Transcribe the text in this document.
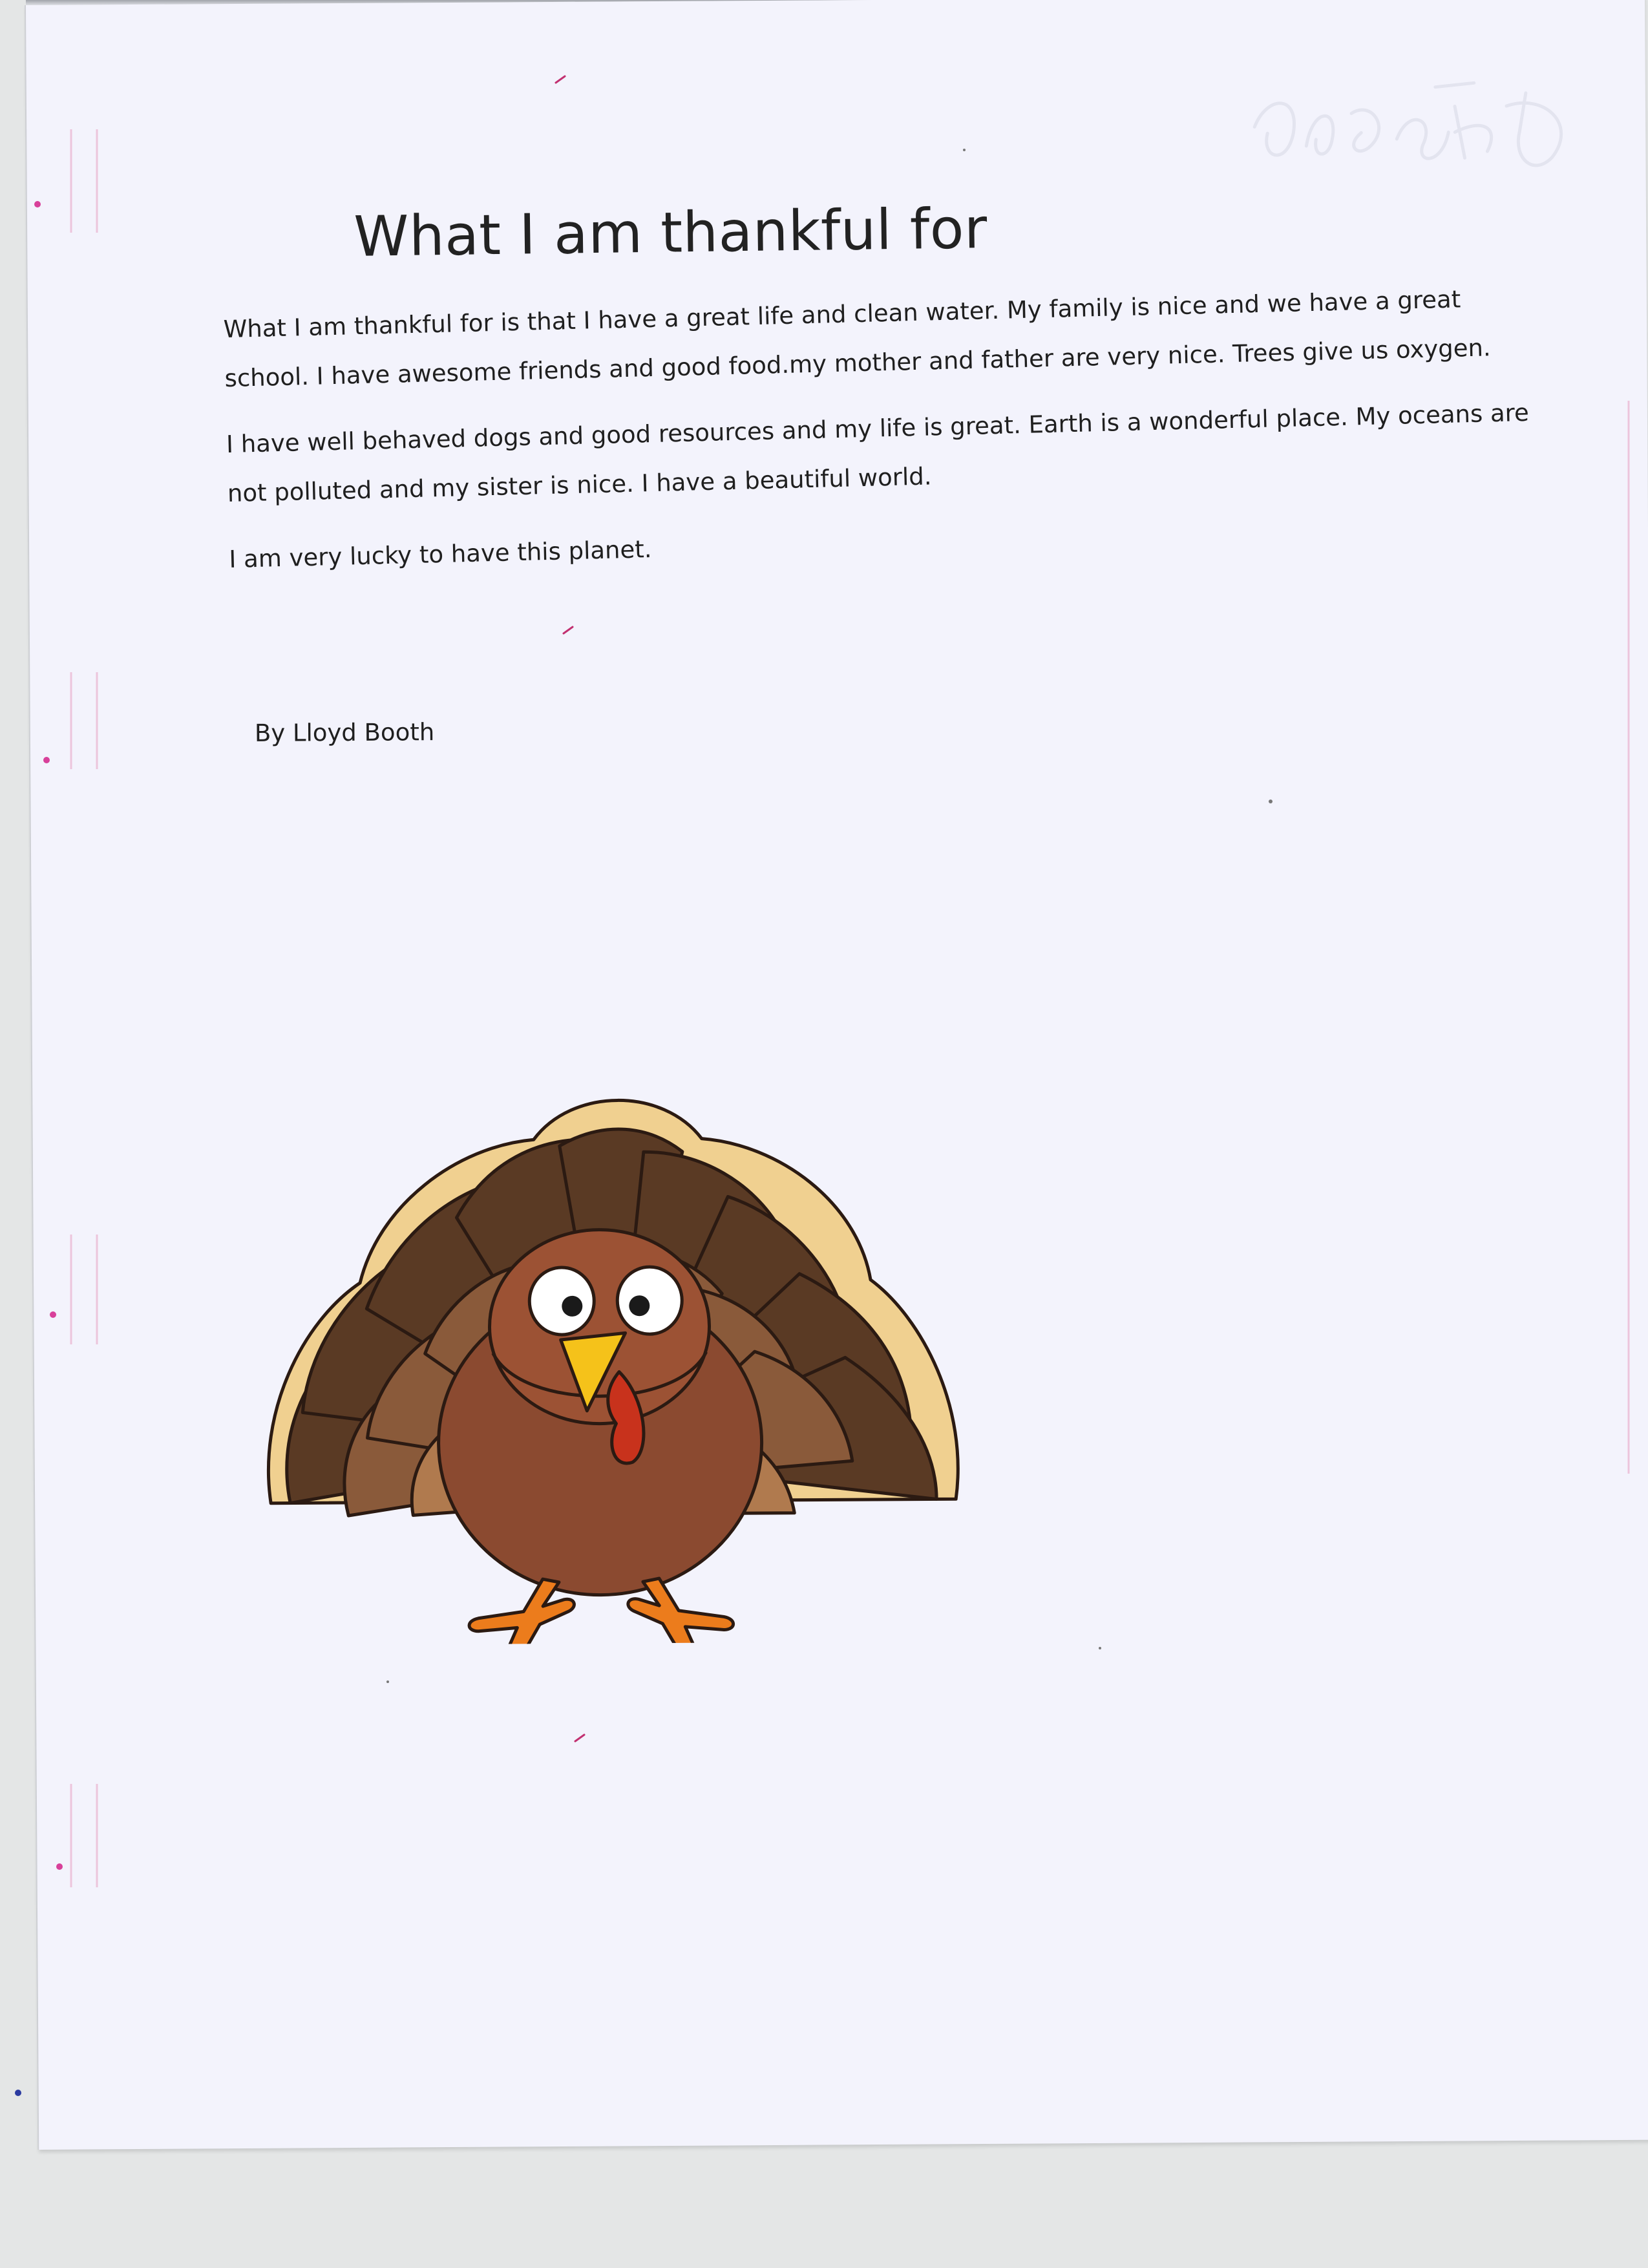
What I am thankful for

What I am thankful for is that I have a great life and clean water. My family is nice and we have a great school. I have awesome friends and good food.my mother and father are very nice. Trees give us oxygen.

I have well behaved dogs and good resources and my life is great. Earth is a wonderful place. My oceans are not polluted and my sister is nice. I have a beautiful world.

I am very lucky to have this planet.

By Lloyd Booth
